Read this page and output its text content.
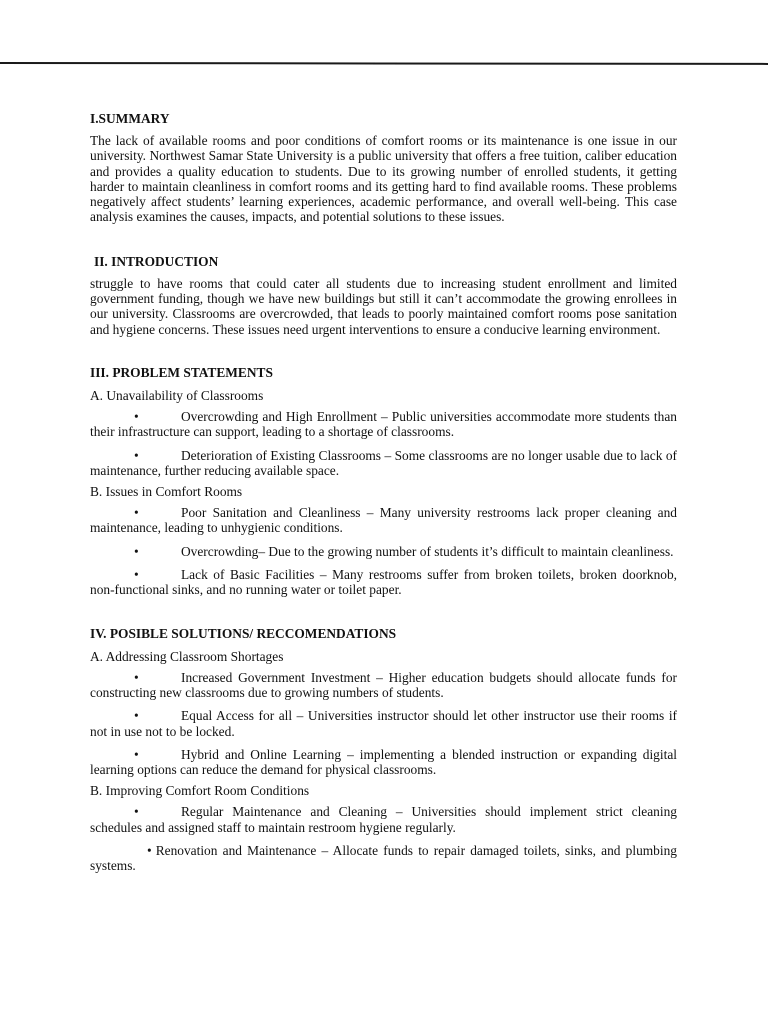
I.SUMMARY

The lack of available rooms and poor conditions of comfort rooms or its maintenance is one issue in our university. Northwest Samar State University is a public university that offers a free tuition, caliber education and provides a quality education to students. Due to its growing number of enrolled students, it getting harder to maintain cleanliness in comfort rooms and its getting hard to find available rooms. These problems negatively affect students’ learning experiences, academic performance, and overall well-being. This case analysis examines the causes, impacts, and potential solutions to these issues.

II. INTRODUCTION

struggle to have rooms that could cater all students due to increasing student enrollment and limited government funding, though we have new buildings but still it can’t accommodate the growing enrollees in our university. Classrooms are overcrowded, that leads to poorly maintained comfort rooms pose sanitation and hygiene concerns. These issues need urgent interventions to ensure a conducive learning environment.

III. PROBLEM STATEMENTS

A. Unavailability of Classrooms

•	Overcrowding and High Enrollment – Public universities accommodate more students than their infrastructure can support, leading to a shortage of classrooms.

•	Deterioration of Existing Classrooms – Some classrooms are no longer usable due to lack of maintenance, further reducing available space.

B. Issues in Comfort Rooms

•	Poor Sanitation and Cleanliness – Many university restrooms lack proper cleaning and maintenance, leading to unhygienic conditions.

•	Overcrowding– Due to the growing number of students it’s difficult to maintain cleanliness.

•	Lack of Basic Facilities – Many restrooms suffer from broken toilets, broken doorknob, non-functional sinks, and no running water or toilet paper.

IV. POSIBLE SOLUTIONS/ RECCOMENDATIONS

A. Addressing Classroom Shortages

•	Increased Government Investment – Higher education budgets should allocate funds for constructing new classrooms due to growing numbers of students.

•	Equal Access for all – Universities instructor should let other instructor use their rooms if not in use not to be locked.

•	Hybrid and Online Learning – implementing a blended instruction or expanding digital learning options can reduce the demand for physical classrooms.

B. Improving Comfort Room Conditions

•	Regular Maintenance and Cleaning – Universities should implement strict cleaning schedules and assigned staff to maintain restroom hygiene regularly.

• Renovation and Maintenance – Allocate funds to repair damaged toilets, sinks, and plumbing systems.
